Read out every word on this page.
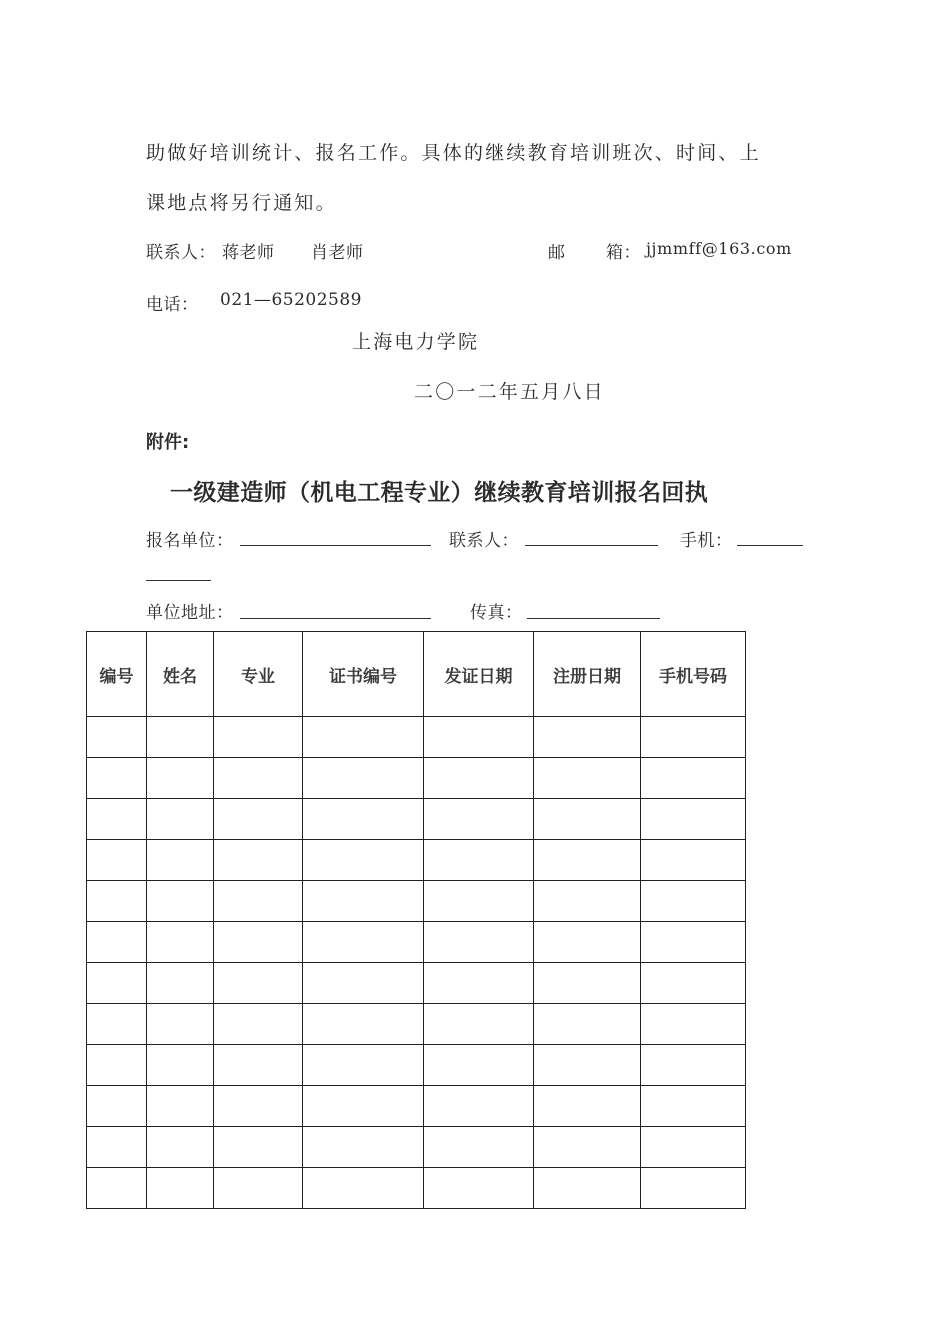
助做好培训统计、报名工作。具体的继续教育培训班次、时间、上
课地点将另行通知。
联系人： 蒋老师 肖老师	邮 箱： jjmmff@163.com
电话： 021—65202589
上海电力学院
二〇一二年五月八日
附件:
一级建造师（机电工程专业）继续教育培训报名回执
报名单位：	联系人：	手机：
单位地址：	传真：
编号	姓名	专业	证书编号	发证日期	注册日期	手机号码
